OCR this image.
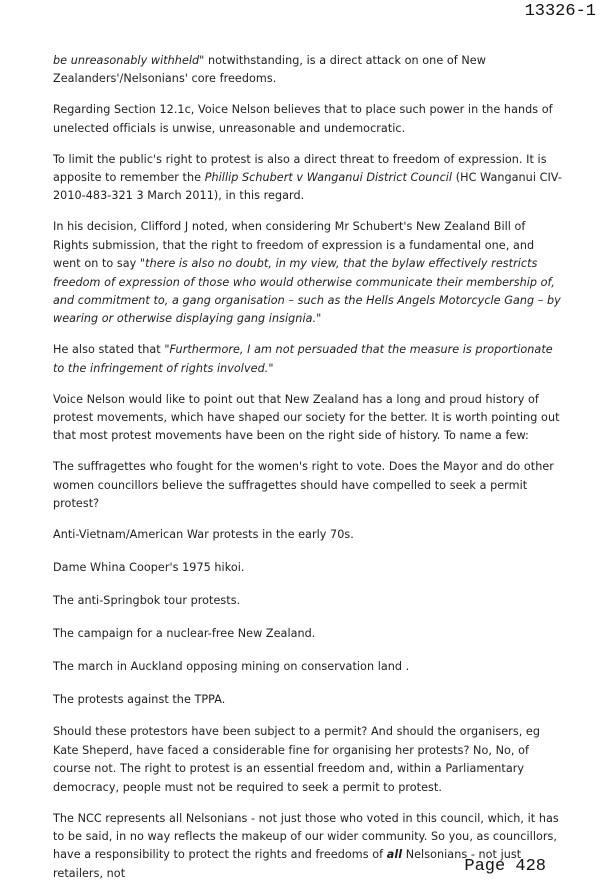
13326-1

be unreasonably withheld" notwithstanding, is a direct attack on one of New Zealanders'/Nelsonians' core freedoms.

Regarding Section 12.1c, Voice Nelson believes that to place such power in the hands of unelected officials is unwise, unreasonable and undemocratic.

To limit the public's right to protest is also a direct threat to freedom of expression. It is apposite to remember the Phillip Schubert v Wanganui District Council (HC Wanganui CIV-2010-483-321 3 March 2011), in this regard.

In his decision, Clifford J noted, when considering Mr Schubert's New Zealand Bill of Rights submission, that the right to freedom of expression is a fundamental one, and went on to say "there is also no doubt, in my view, that the bylaw effectively restricts freedom of expression of those who would otherwise communicate their membership of, and commitment to, a gang organisation – such as the Hells Angels Motorcycle Gang – by wearing or otherwise displaying gang insignia."

He also stated that "Furthermore, I am not persuaded that the measure is proportionate to the infringement of rights involved."

Voice Nelson would like to point out that New Zealand has a long and proud history of protest movements, which have shaped our society for the better. It is worth pointing out that most protest movements have been on the right side of history. To name a few:

The suffragettes who fought for the women's right to vote. Does the Mayor and do other women councillors believe the suffragettes should have compelled to seek a permit protest?

Anti-Vietnam/American War protests in the early 70s.

Dame Whina Cooper's 1975 hikoi.

The anti-Springbok tour protests.

The campaign for a nuclear-free New Zealand.

The march in Auckland opposing mining on conservation land .

The protests against the TPPA.

Should these protestors have been subject to a permit? And should the organisers, eg Kate Sheperd, have faced a considerable fine for organising her protests? No, No, of course not. The right to protest is an essential freedom and, within a Parliamentary democracy, people must not be required to seek a permit to protest.

The NCC represents all Nelsonians - not just those who voted in this council, which, it has to be said, in no way reflects the makeup of our wider community. So you, as councillors, have a responsibility to protect the rights and freedoms of all Nelsonians - not just retailers, not	Page 428
